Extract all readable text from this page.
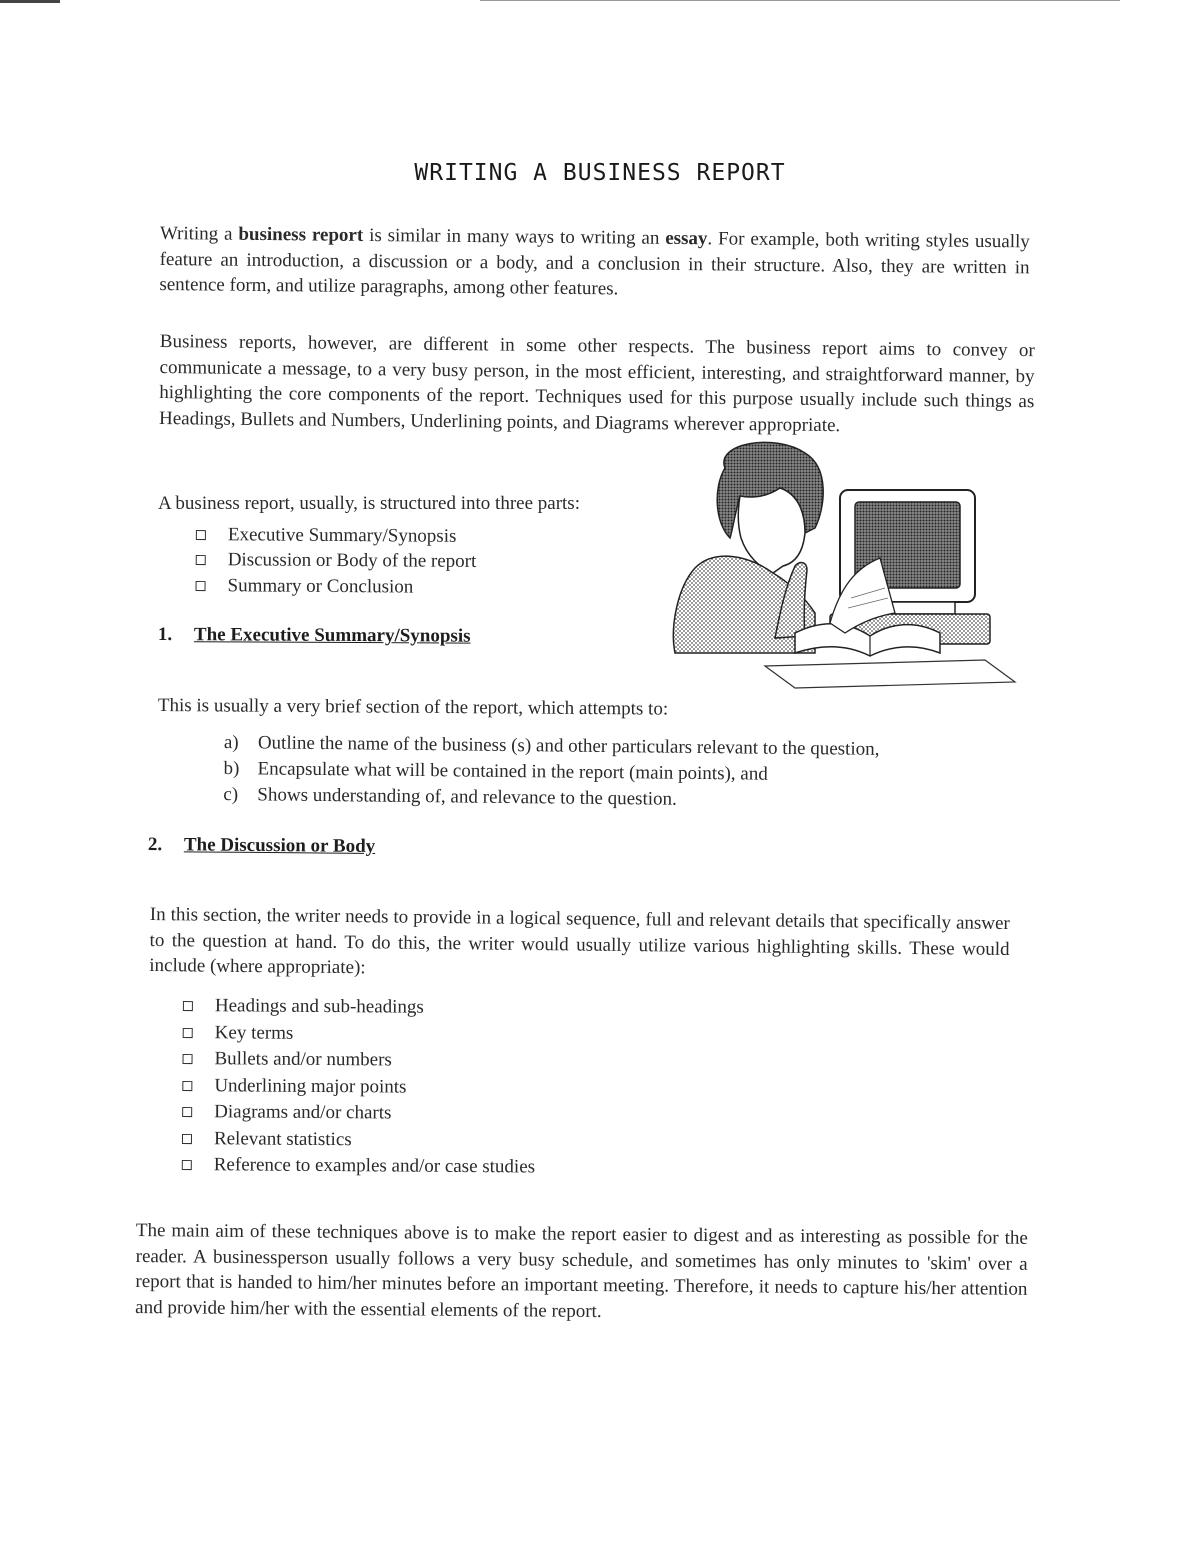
WRITING A BUSINESS REPORT

Writing a business report is similar in many ways to writing an essay. For example, both writing styles usually feature an introduction, a discussion or a body, and a conclusion in their structure. Also, they are written in sentence form, and utilize paragraphs, among other features.

Business reports, however, are different in some other respects. The business report aims to convey or communicate a message, to a very busy person, in the most efficient, interesting, and straightforward manner, by highlighting the core components of the report. Techniques used for this purpose usually include such things as Headings, Bullets and Numbers, Underlining points, and Diagrams wherever appropriate.

A business report, usually, is structured into three parts:

Executive Summary/Synopsis
Discussion or Body of the report
Summary or Conclusion
1. The Executive Summary/Synopsis

This is usually a very brief section of the report, which attempts to:

a)	Outline the name of the business (s) and other particulars relevant to the question,
b) Encapsulate what will be contained in the report (main points), and
c)	Shows understanding of, and relevance to the question.
2. The Discussion or Body

In this section, the writer needs to provide in a logical sequence, full and relevant details that specifically answer to the question at hand. To do this, the writer would usually utilize various highlighting skills. These would include (where appropriate):

Headings and sub-headings
Key terms
Bullets and/or numbers
Underlining major points
Diagrams and/or charts
Relevant statistics
Reference to examples and/or case studies

The main aim of these techniques above is to make the report easier to digest and as interesting as possible for the reader. A businessperson usually follows a very busy schedule, and sometimes has only minutes to 'skim' over a report that is handed to him/her minutes before an important meeting. Therefore, it needs to capture his/her attention and provide him/her with the essential elements of the report.
